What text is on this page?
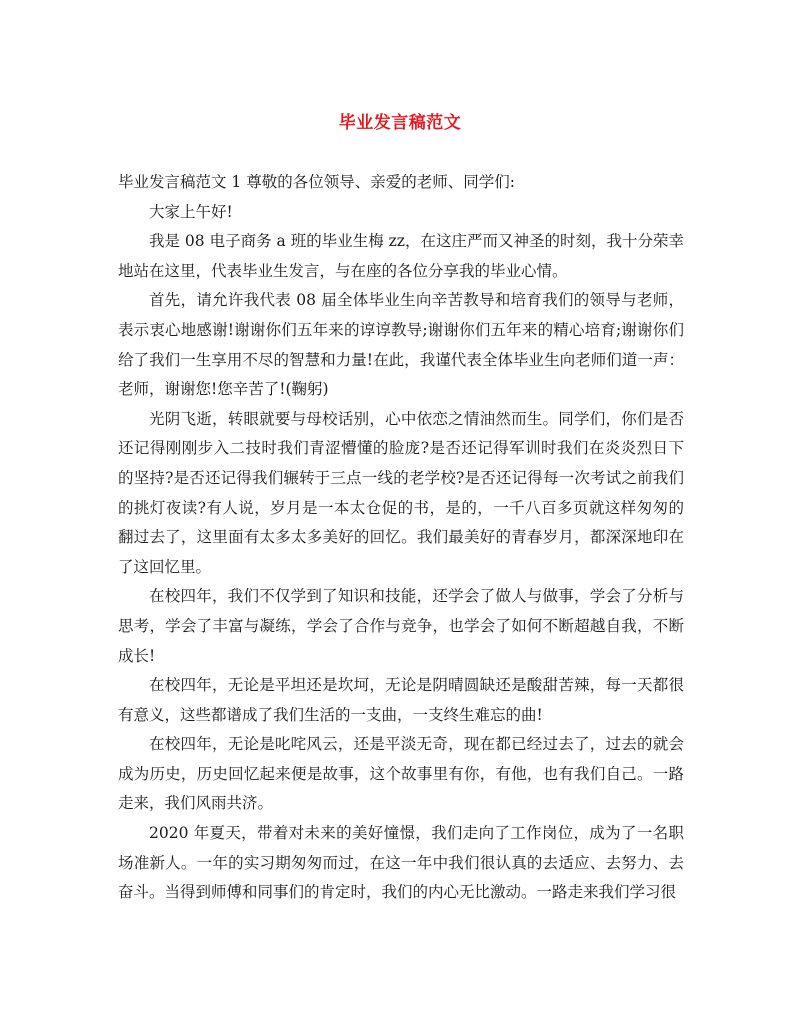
毕业发言稿范文

毕业发言稿范文 1 尊敬的各位领导、亲爱的老师、同学们:

大家上午好!

我是 08 电子商务 a 班的毕业生梅 zz，在这庄严而又神圣的时刻，我十分荣幸地站在这里，代表毕业生发言，与在座的各位分享我的毕业心情。

首先，请允许我代表 08 届全体毕业生向辛苦教导和培育我们的领导与老师，表示衷心地感谢!谢谢你们五年来的谆谆教导;谢谢你们五年来的精心培育;谢谢你们给了我们一生享用不尽的智慧和力量!在此，我谨代表全体毕业生向老师们道一声：老师，谢谢您!您辛苦了!(鞠躬)

光阴飞逝，转眼就要与母校话别，心中依恋之情油然而生。同学们，你们是否还记得刚刚步入二技时我们青涩懵懂的脸庞?是否还记得军训时我们在炎炎烈日下的坚持?是否还记得我们辗转于三点一线的老学校?是否还记得每一次考试之前我们的挑灯夜读?有人说，岁月是一本太仓促的书，是的，一千八百多页就这样匆匆的翻过去了，这里面有太多太多美好的回忆。我们最美好的青春岁月，都深深地印在了这回忆里。

在校四年，我们不仅学到了知识和技能，还学会了做人与做事，学会了分析与思考，学会了丰富与凝练，学会了合作与竞争，也学会了如何不断超越自我，不断成长!

在校四年，无论是平坦还是坎坷，无论是阴晴圆缺还是酸甜苦辣，每一天都很有意义，这些都谱成了我们生活的一支曲，一支终生难忘的曲!

在校四年，无论是叱咤风云，还是平淡无奇，现在都已经过去了，过去的就会成为历史，历史回忆起来便是故事，这个故事里有你，有他，也有我们自己。一路走来，我们风雨共济。

2020 年夏天，带着对未来的美好憧憬，我们走向了工作岗位，成为了一名职场准新人。一年的实习期匆匆而过，在这一年中我们很认真的去适应、去努力、去奋斗。当得到师傅和同事们的肯定时，我们的内心无比激动。一路走来我们学习很
